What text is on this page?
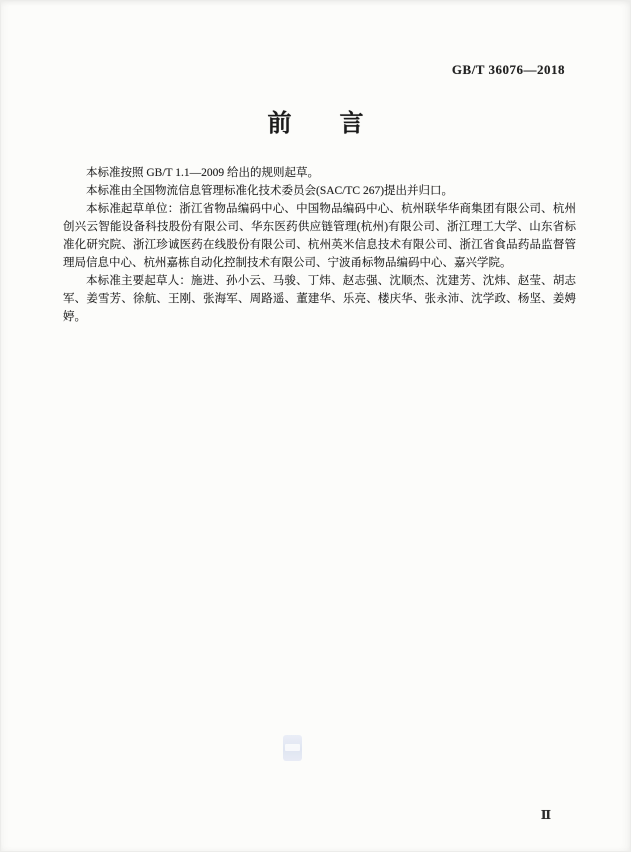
GB/T 36076—2018
前　　言

本标准按照 GB/T 1.1—2009 给出的规则起草。

本标准由全国物流信息管理标准化技术委员会(SAC/TC 267)提出并归口。

本标准起草单位：浙江省物品编码中心、中国物品编码中心、杭州联华华商集团有限公司、杭州创兴云智能设备科技股份有限公司、华东医药供应链管理(杭州)有限公司、浙江理工大学、山东省标准化研究院、浙江珍诚医药在线股份有限公司、杭州英米信息技术有限公司、浙江省食品药品监督管理局信息中心、杭州嘉栋自动化控制技术有限公司、宁波甬标物品编码中心、嘉兴学院。

本标准主要起草人：施进、孙小云、马骏、丁炜、赵志强、沈顺杰、沈建芳、沈炜、赵莹、胡志军、姜雪芳、徐航、王刚、张海军、周路遥、董建华、乐亮、楼庆华、张永沛、沈学政、杨坚、姜娉婷。

Ⅱ
